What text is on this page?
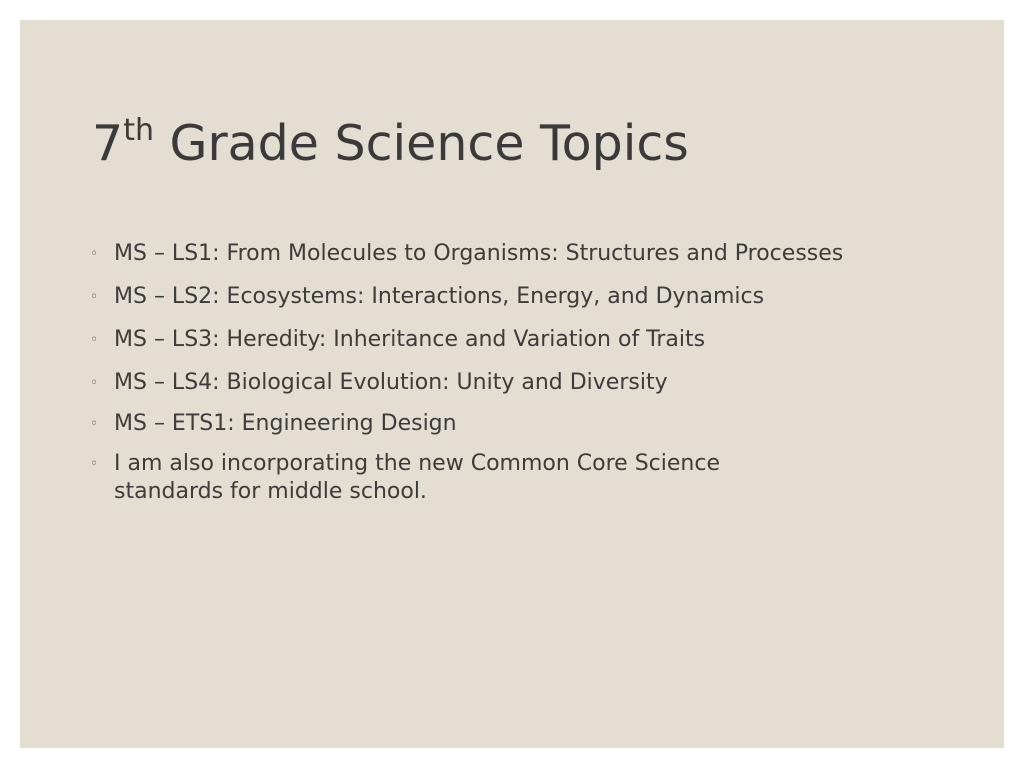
7th Grade Science Topics
◦ MS – LS1: From Molecules to Organisms: Structures and Processes
◦ MS – LS2: Ecosystems: Interactions, Energy, and Dynamics
◦ MS – LS3: Heredity: Inheritance and Variation of Traits
◦ MS – LS4: Biological Evolution: Unity and Diversity
◦ MS – ETS1: Engineering Design
◦ I am also incorporating the new Common Core Science standards for middle school.
